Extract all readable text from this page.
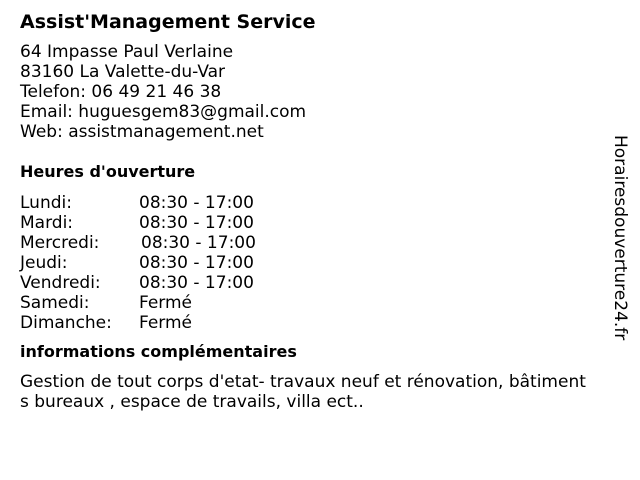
Assist'Management Service
64 Impasse Paul Verlaine
83160 La Valette-du-Var
Telefon: 06 49 21 46 38
Email: huguesgem83@gmail.com
Web: assistmanagement.net
Heures d'ouverture
Lundi:	08:30 - 17:00
Mardi:	08:30 - 17:00
Mercredi: 08:30 - 17:00
Jeudi:	08:30 - 17:00
Vendredi: 08:30 - 17:00
Samedi:	Fermé
Dimanche: Fermé
informations complémentaires
Gestion de tout corps d'etat- travaux neuf et rénovation, bâtiments bureaux , espace de travails, villa ect..
Horairesdouverture24.fr
